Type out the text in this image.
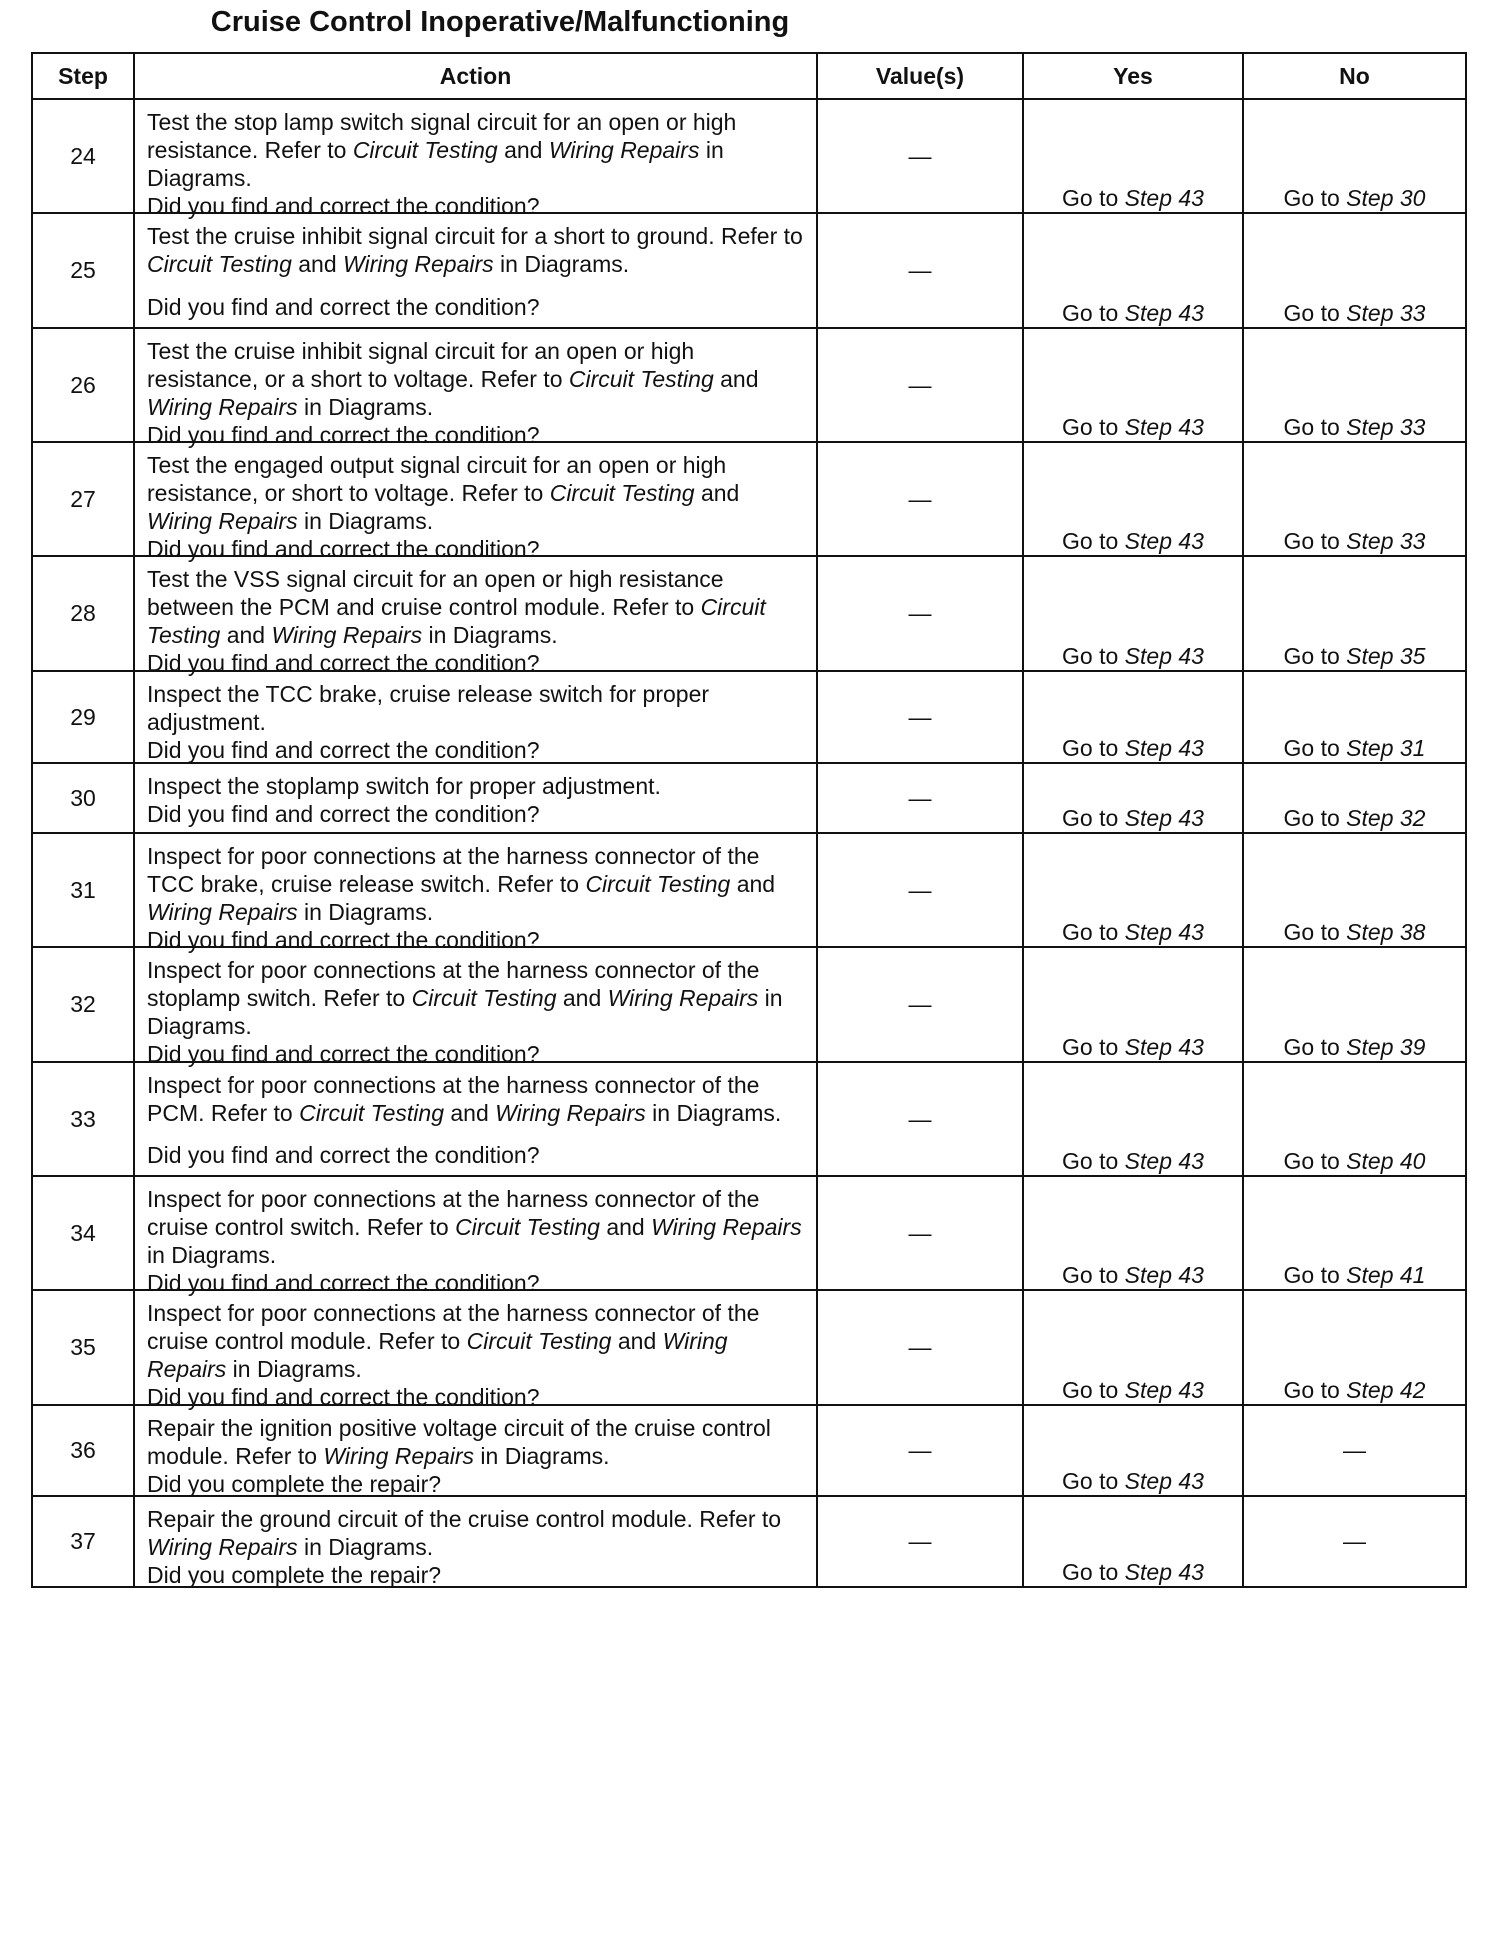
Cruise Control Inoperative/Malfunctioning
Step	Action	Value(s)	Yes	No
24	Test the stop lamp switch signal circuit for an open or high resistance. Refer to Circuit Testing and Wiring Repairs in Diagrams.
Did you find and correct the condition?	—	Go to Step 43	Go to Step 30
25	Test the cruise inhibit signal circuit for a short to ground. Refer to Circuit Testing and Wiring Repairs in Diagrams.
Did you find and correct the condition?	—	Go to Step 43	Go to Step 33
26	Test the cruise inhibit signal circuit for an open or high resistance, or a short to voltage. Refer to Circuit Testing and Wiring Repairs in Diagrams.
Did you find and correct the condition?	—	Go to Step 43	Go to Step 33
27	Test the engaged output signal circuit for an open or high resistance, or short to voltage. Refer to Circuit Testing and Wiring Repairs in Diagrams.
Did you find and correct the condition?	—	Go to Step 43	Go to Step 33
28	Test the VSS signal circuit for an open or high resistance between the PCM and cruise control module. Refer to Circuit Testing and Wiring Repairs in Diagrams.
Did you find and correct the condition?	—	Go to Step 43	Go to Step 35
29	Inspect the TCC brake, cruise release switch for proper adjustment.
Did you find and correct the condition?	—	Go to Step 43	Go to Step 31
30	Inspect the stoplamp switch for proper adjustment.
Did you find and correct the condition?	—	Go to Step 43	Go to Step 32
31	Inspect for poor connections at the harness connector of the TCC brake, cruise release switch. Refer to Circuit Testing and Wiring Repairs in Diagrams.
Did you find and correct the condition?	—	Go to Step 43	Go to Step 38
32	Inspect for poor connections at the harness connector of the stoplamp switch. Refer to Circuit Testing and Wiring Repairs in Diagrams.
Did you find and correct the condition?	—	Go to Step 43	Go to Step 39
33	Inspect for poor connections at the harness connector of the PCM. Refer to Circuit Testing and Wiring Repairs in Diagrams.
Did you find and correct the condition?	—	Go to Step 43	Go to Step 40
34	Inspect for poor connections at the harness connector of the cruise control switch. Refer to Circuit Testing and Wiring Repairs in Diagrams.
Did you find and correct the condition?	—	Go to Step 43	Go to Step 41
35	Inspect for poor connections at the harness connector of the cruise control module. Refer to Circuit Testing and Wiring Repairs in Diagrams.
Did you find and correct the condition?	—	Go to Step 43	Go to Step 42
36	Repair the ignition positive voltage circuit of the cruise control module. Refer to Wiring Repairs in Diagrams.
Did you complete the repair?	—	Go to Step 43	—
37	Repair the ground circuit of the cruise control module. Refer to Wiring Repairs in Diagrams.
Did you complete the repair?	—	Go to Step 43	—
